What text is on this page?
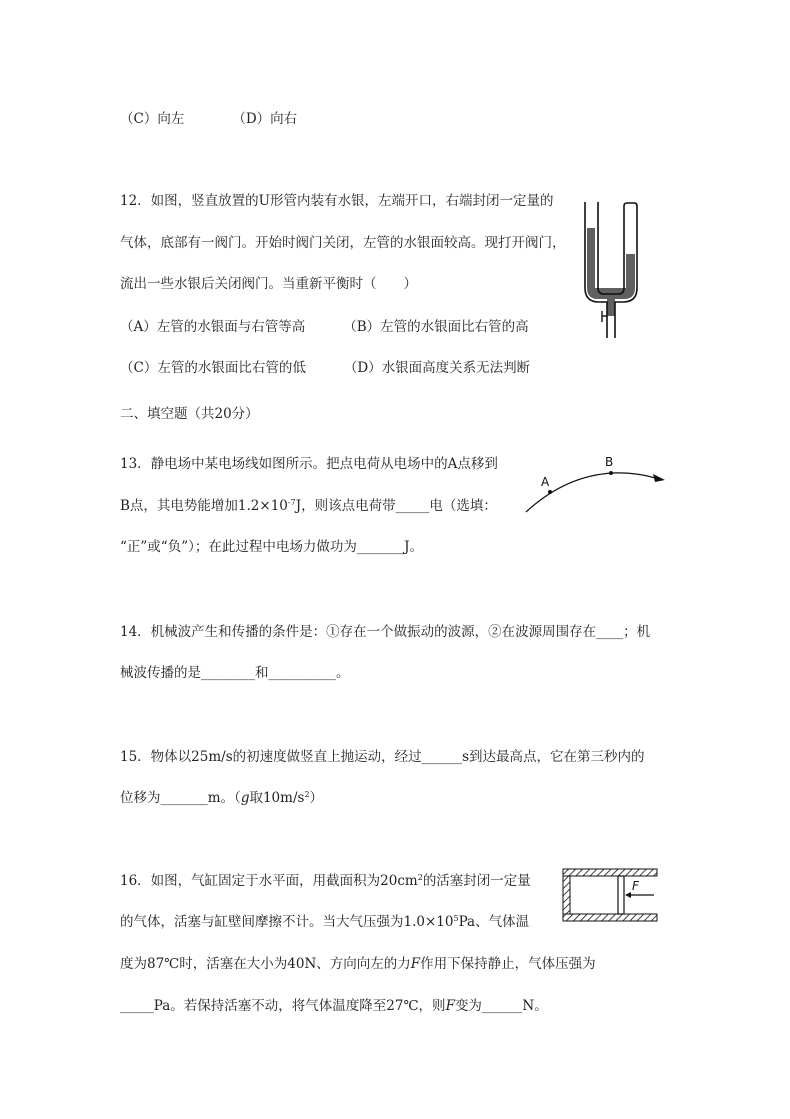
（C）向左	（D）向右
12．如图，竖直放置的U形管内装有水银，左端开口，右端封闭一定量的
气体，底部有一阀门。开始时阀门关闭，左管的水银面较高。现打开阀门，
流出一些水银后关闭阀门。当重新平衡时（　　）
（A）左管的水银面与右管等高	（B）左管的水银面比右管的高
（C）左管的水银面比右管的低	（D）水银面高度关系无法判断
二、填空题（共20分）
13．静电场中某电场线如图所示。把点电荷从电场中的A点移到
B点，其电势能增加$1.2\times 10^{-7}J$，则该点电荷带_____电（选填：
“正”或“负”）；在此过程中电场力做功为_______J。
A
B
14．机械波产生和传播的条件是：①存在一个做振动的波源，②在波源周围存在____；机
械波传播的是________和__________。
15．物体以25m/s的初速度做竖直上抛运动，经过______s到达最高点，它在第三秒内的
位移为_______m。（g取$10m/s^2$）
16．如图，气缸固定于水平面，用截面积为$20cm^2$的活塞封闭一定量
的气体，活塞与缸壁间摩擦不计。当大气压强为$1.0\times 10^5Pa$、气体温
度为87℃时，活塞在大小为40N、方向向左的力F作用下保持静止，气体压强为
_____Pa。若保持活塞不动，将气体温度降至27℃，则F变为______N。
F
